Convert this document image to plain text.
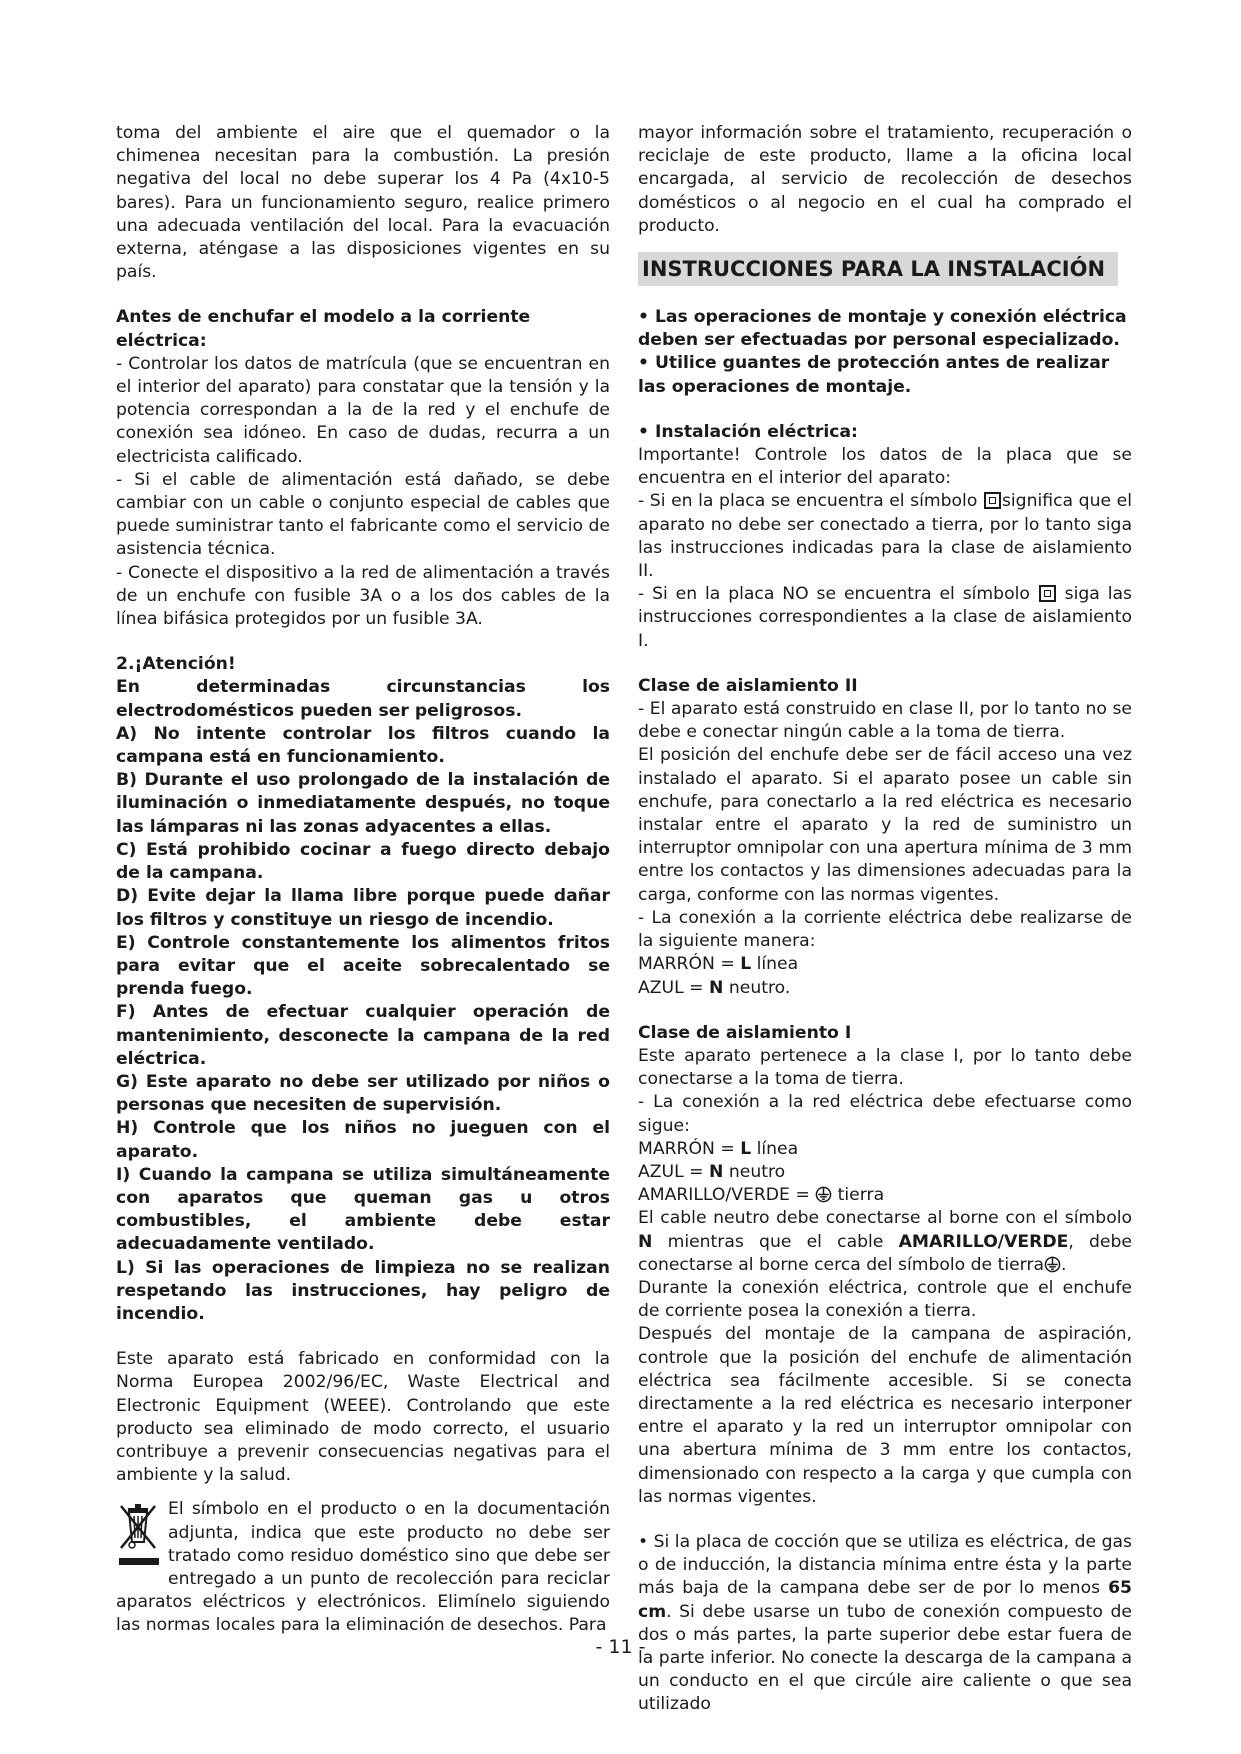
toma del ambiente el aire que el quemador o la chimenea necesitan para la combustión. La presión negativa del local no debe superar los 4 Pa (4x10-5 bares). Para un funcionamiento seguro, realice primero una adecuada ventilación del local. Para la evacuación externa, aténgase a las disposiciones vigentes en su país.

Antes de enchufar el modelo a la corriente eléctrica:

- Controlar los datos de matrícula (que se encuentran en el interior del aparato) para constatar que la tensión y la potencia correspondan a la de la red y el enchufe de conexión sea idóneo. En caso de dudas, recurra a un electricista calificado.

- Si el cable de alimentación está dañado, se debe cambiar con un cable o conjunto especial de cables que puede suministrar tanto el fabricante como el servicio de asistencia técnica.

- Conecte el dispositivo a la red de alimentación a través de un enchufe con fusible 3A o a los dos cables de la línea bifásica protegidos por un fusible 3A.

2.¡Atención!

En determinadas circunstancias los electrodomésticos pueden ser peligrosos.

A) No intente controlar los filtros cuando la campana está en funcionamiento.

B) Durante el uso prolongado de la instalación de iluminación o inmediatamente después, no toque las lámparas ni las zonas adyacentes a ellas.

C) Está prohibido cocinar a fuego directo debajo de la campana.

D) Evite dejar la llama libre porque puede dañar los filtros y constituye un riesgo de incendio.

E) Controle constantemente los alimentos fritos para evitar que el aceite sobrecalentado se prenda fuego.

F) Antes de efectuar cualquier operación de mantenimiento, desconecte la campana de la red eléctrica.

G) Este aparato no debe ser utilizado por niños o personas que necesiten de supervisión.

H) Controle que los niños no jueguen con el aparato.

I) Cuando la campana se utiliza simultáneamente con aparatos que queman gas u otros combustibles, el ambiente debe estar adecuadamente ventilado.

L) Si las operaciones de limpieza no se realizan respetando las instrucciones, hay peligro de incendio.

Este aparato está fabricado en conformidad con la Norma Europea 2002/96/EC, Waste Electrical and Electronic Equipment (WEEE). Controlando que este producto sea eliminado de modo correcto, el usuario contribuye a prevenir consecuencias negativas para el ambiente y la salud.

El símbolo en el producto o en la documentación adjunta, indica que este producto no debe ser tratado como residuo doméstico sino que debe ser entregado a un punto de recolección para reciclar aparatos eléctricos y electrónicos. Elimínelo siguiendo las normas locales para la eliminación de desechos. Para

mayor información sobre el tratamiento, recuperación o reciclaje de este producto, llame a la oficina local encargada, al servicio de recolección de desechos domésticos o al negocio en el cual ha comprado el producto.

INSTRUCCIONES PARA LA INSTALACIÓN

• Las operaciones de montaje y conexión eléctrica deben ser efectuadas por personal especializado.

• Utilice guantes de protección antes de realizar las operaciones de montaje.

• Instalación eléctrica:

Importante! Controle los datos de la placa que se encuentra en el interior del aparato:

- Si en la placa se encuentra el símbolo significa que el aparato no debe ser conectado a tierra, por lo tanto siga las instrucciones indicadas para la clase de aislamiento II.

- Si en la placa NO se encuentra el símbolo siga las instrucciones correspondientes a la clase de aislamiento I.

Clase de aislamiento II

- El aparato está construido en clase II, por lo tanto no se debe e conectar ningún cable a la toma de tierra.

El posición del enchufe debe ser de fácil acceso una vez instalado el aparato. Si el aparato posee un cable sin enchufe, para conectarlo a la red eléctrica es necesario instalar entre el aparato y la red de suministro un interruptor omnipolar con una apertura mínima de 3 mm entre los contactos y las dimensiones adecuadas para la carga, conforme con las normas vigentes.

- La conexión a la corriente eléctrica debe realizarse de la siguiente manera:

MARRÓN = L línea

AZUL = N neutro.

Clase de aislamiento I

Este aparato pertenece a la clase I, por lo tanto debe conectarse a la toma de tierra.

- La conexión a la red eléctrica debe efectuarse como sigue:

MARRÓN = L línea

AZUL = N neutro

AMARILLO/VERDE =  tierra

El cable neutro debe conectarse al borne con el símbolo N mientras que el cable AMARILLO/VERDE, debe conectarse al borne cerca del símbolo de tierra .

Durante la conexión eléctrica, controle que el enchufe de corriente posea la conexión a tierra.

Después del montaje de la campana de aspiración, controle que la posición del enchufe de alimentación eléctrica sea fácilmente accesible. Si se conecta directamente a la red eléctrica es necesario interponer entre el aparato y la red un interruptor omnipolar con una abertura mínima de 3 mm entre los contactos, dimensionado con respecto a la carga y que cumpla con las normas vigentes.

• Si la placa de cocción que se utiliza es eléctrica, de gas o de inducción, la distancia mínima entre ésta y la parte más baja de la campana debe ser de por lo menos 65 cm. Si debe usarse un tubo de conexión compuesto de dos o más partes, la parte superior debe estar fuera de la parte inferior. No conecte la descarga de la campana a un conducto en el que circúle aire caliente o que sea utilizado

- 11 -
